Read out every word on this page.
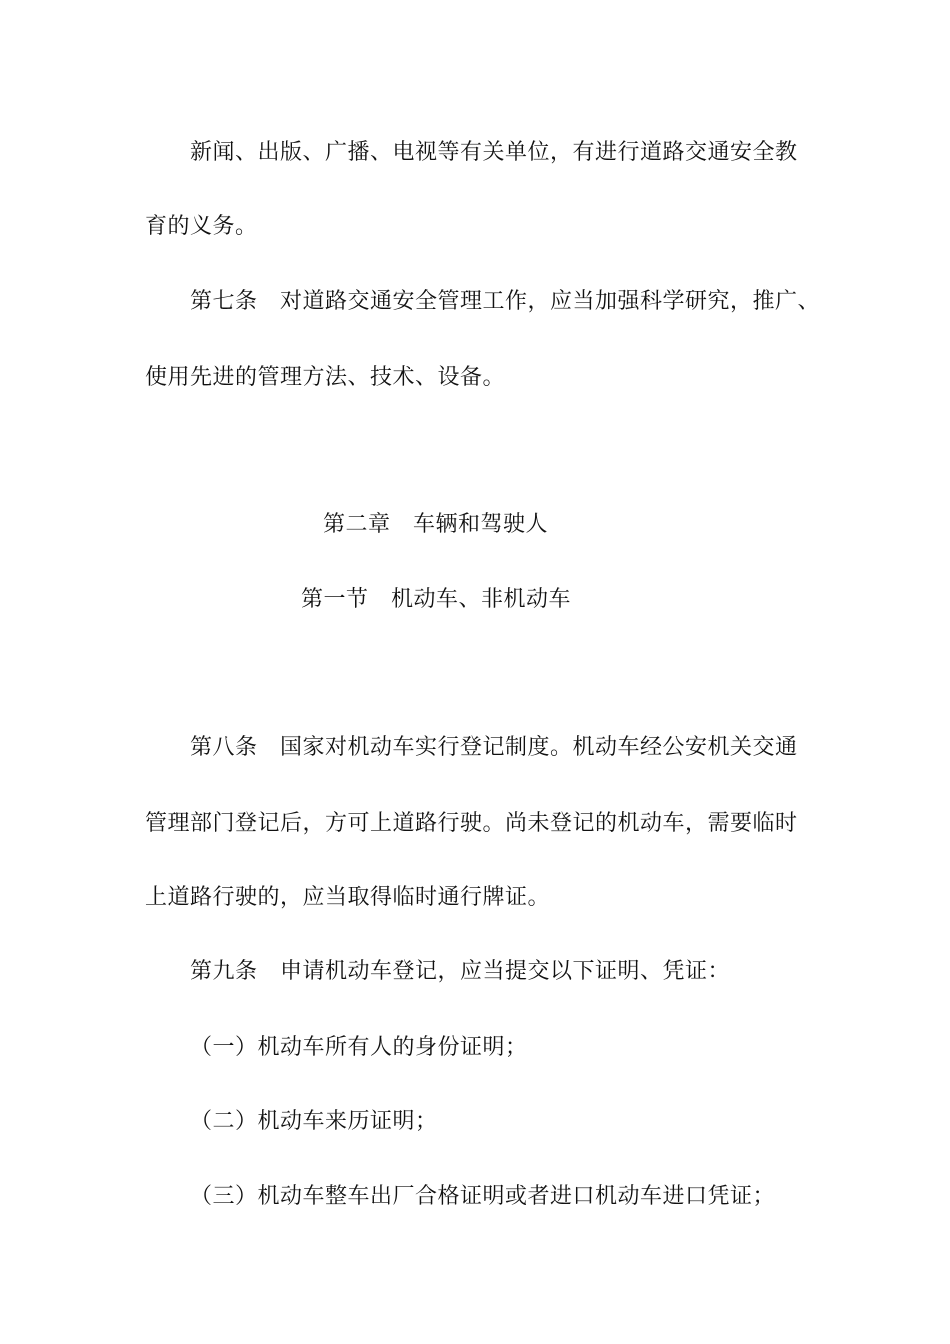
新闻、出版、广播、电视等有关单位，有进行道路交通安全教
育的义务。
第七条　对道路交通安全管理工作，应当加强科学研究，推广、
使用先进的管理方法、技术、设备。
第二章　车辆和驾驶人
第一节　机动车、非机动车
第八条　国家对机动车实行登记制度。机动车经公安机关交通
管理部门登记后，方可上道路行驶。尚未登记的机动车，需要临时
上道路行驶的，应当取得临时通行牌证。
第九条　申请机动车登记，应当提交以下证明、凭证：
（一）机动车所有人的身份证明；
（二）机动车来历证明；
（三）机动车整车出厂合格证明或者进口机动车进口凭证；
